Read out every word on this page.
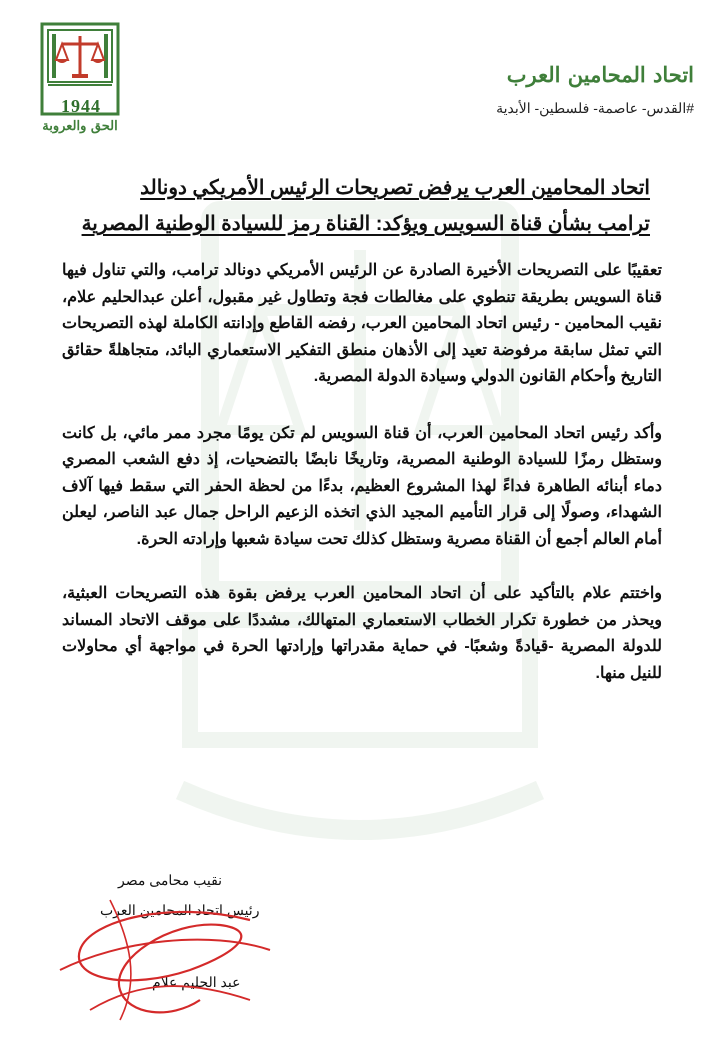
اتحاد المحامين العرب
#القدس- عاصمة- فلسطين- الأبدية
1944
الحق والعروبة
اتحاد المحامين العرب يرفض تصريحات الرئيس الأمريكي دونالد
ترامب بشأن قناة السويس ويؤكد: القناة رمز للسيادة الوطنية المصرية

تعقيبًا على التصريحات الأخيرة الصادرة عن الرئيس الأمريكي دونالد ترامب، والتي تناول فيها قناة السويس بطريقة تنطوي على مغالطات فجة وتطاول غير مقبول، أعلن عبدالحليم علام، نقيب المحامين - رئيس اتحاد المحامين العرب، رفضه القاطع وإدانته الكاملة لهذه التصريحات التي تمثل سابقة مرفوضة تعيد إلى الأذهان منطق التفكير الاستعماري البائد، متجاهلةً حقائق التاريخ وأحكام القانون الدولي وسيادة الدولة المصرية.

وأكد رئيس اتحاد المحامين العرب، أن قناة السويس لم تكن يومًا مجرد ممر مائي، بل كانت وستظل رمزًا للسيادة الوطنية المصرية، وتاريخًا نابضًا بالتضحيات، إذ دفع الشعب المصري دماء أبنائه الطاهرة فداءً لهذا المشروع العظيم، بدءًا من لحظة الحفر التي سقط فيها آلاف الشهداء، وصولًا إلى قرار التأميم المجيد الذي اتخذه الزعيم الراحل جمال عبد الناصر، ليعلن أمام العالم أجمع أن القناة مصرية وستظل كذلك تحت سيادة شعبها وإرادته الحرة.

واختتم علام بالتأكيد على أن اتحاد المحامين العرب يرفض بقوة هذه التصريحات العبثية، ويحذر من خطورة تكرار الخطاب الاستعماري المتهالك، مشددًا على موقف الاتحاد المساند للدولة المصرية -قيادةً وشعبًا- في حماية مقدراتها وإرادتها الحرة في مواجهة أي محاولات للنيل منها.

نقيب محامى مصر
رئيس اتحاد المحامين العرب
عبد الحليم علام
